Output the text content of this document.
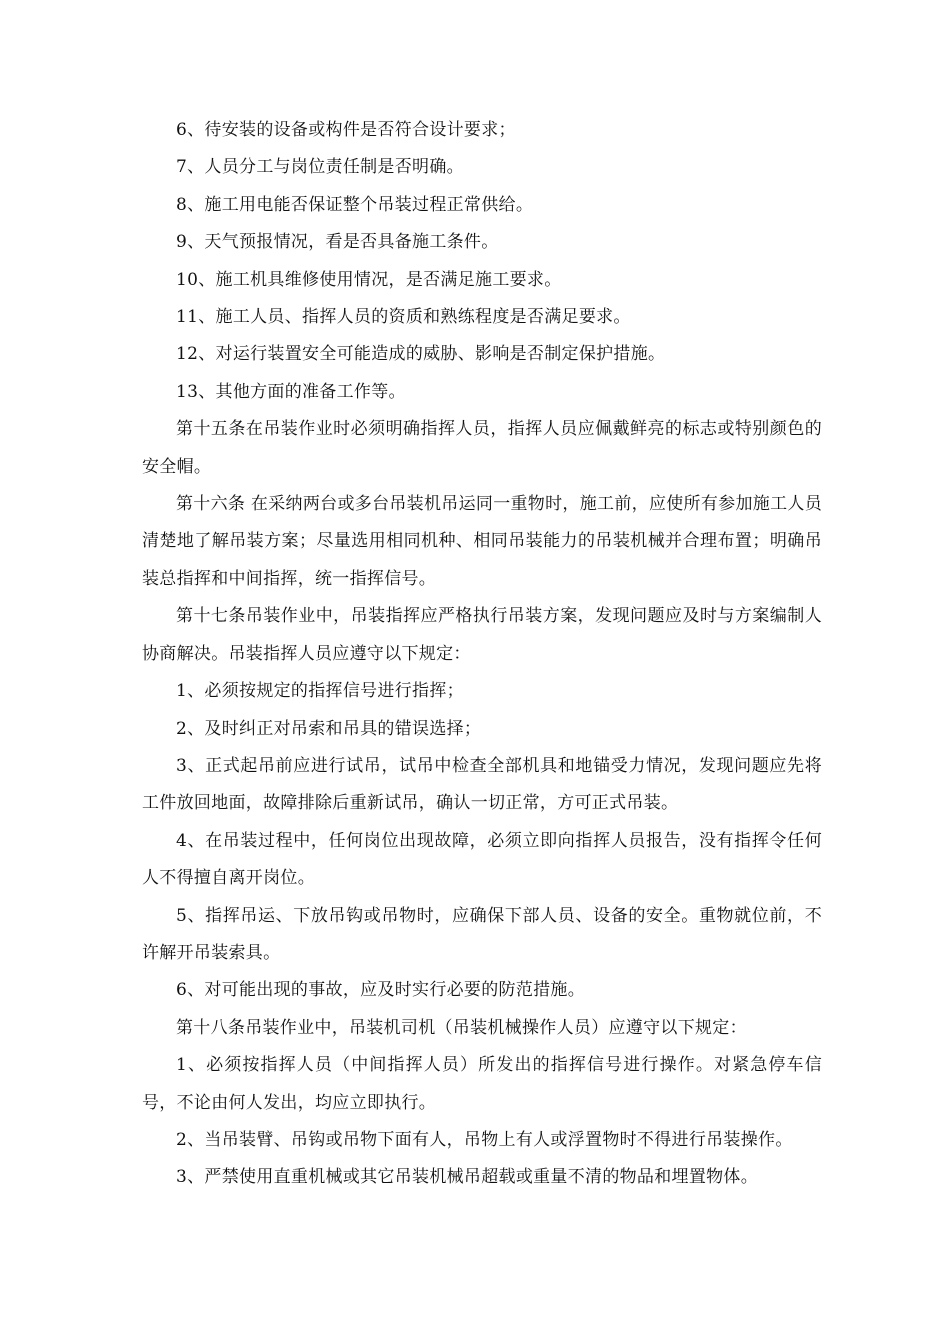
6、待安装的设备或构件是否符合设计要求；

7、人员分工与岗位责任制是否明确。

8、施工用电能否保证整个吊装过程正常供给。

9、天气预报情况，看是否具备施工条件。

10、施工机具维修使用情况，是否满足施工要求。

11、施工人员、指挥人员的资质和熟练程度是否满足要求。

12、对运行装置安全可能造成的威胁、影响是否制定保护措施。

13、其他方面的准备工作等。

第十五条在吊装作业时必须明确指挥人员，指挥人员应佩戴鲜亮的标志或特别颜色的安全帽。

第十六条 在采纳两台或多台吊装机吊运同一重物时，施工前，应使所有参加施工人员清楚地了解吊装方案；尽量选用相同机种、相同吊装能力的吊装机械并合理布置；明确吊装总指挥和中间指挥，统一指挥信号。

第十七条吊装作业中，吊装指挥应严格执行吊装方案，发现问题应及时与方案编制人协商解决。吊装指挥人员应遵守以下规定：

1、必须按规定的指挥信号进行指挥；

2、及时纠正对吊索和吊具的错误选择；

3、正式起吊前应进行试吊，试吊中检查全部机具和地锚受力情况，发现问题应先将工件放回地面，故障排除后重新试吊，确认一切正常，方可正式吊装。

4、在吊装过程中，任何岗位出现故障，必须立即向指挥人员报告，没有指挥令任何人不得擅自离开岗位。

5、指挥吊运、下放吊钩或吊物时，应确保下部人员、设备的安全。重物就位前，不许解开吊装索具。

6、对可能出现的事故，应及时实行必要的防范措施。

第十八条吊装作业中，吊装机司机（吊装机械操作人员）应遵守以下规定：

1、必须按指挥人员（中间指挥人员）所发出的指挥信号进行操作。对紧急停车信号，不论由何人发出，均应立即执行。

2、当吊装臂、吊钩或吊物下面有人，吊物上有人或浮置物时不得进行吊装操作。

3、严禁使用直重机械或其它吊装机械吊超载或重量不清的物品和埋置物体。
